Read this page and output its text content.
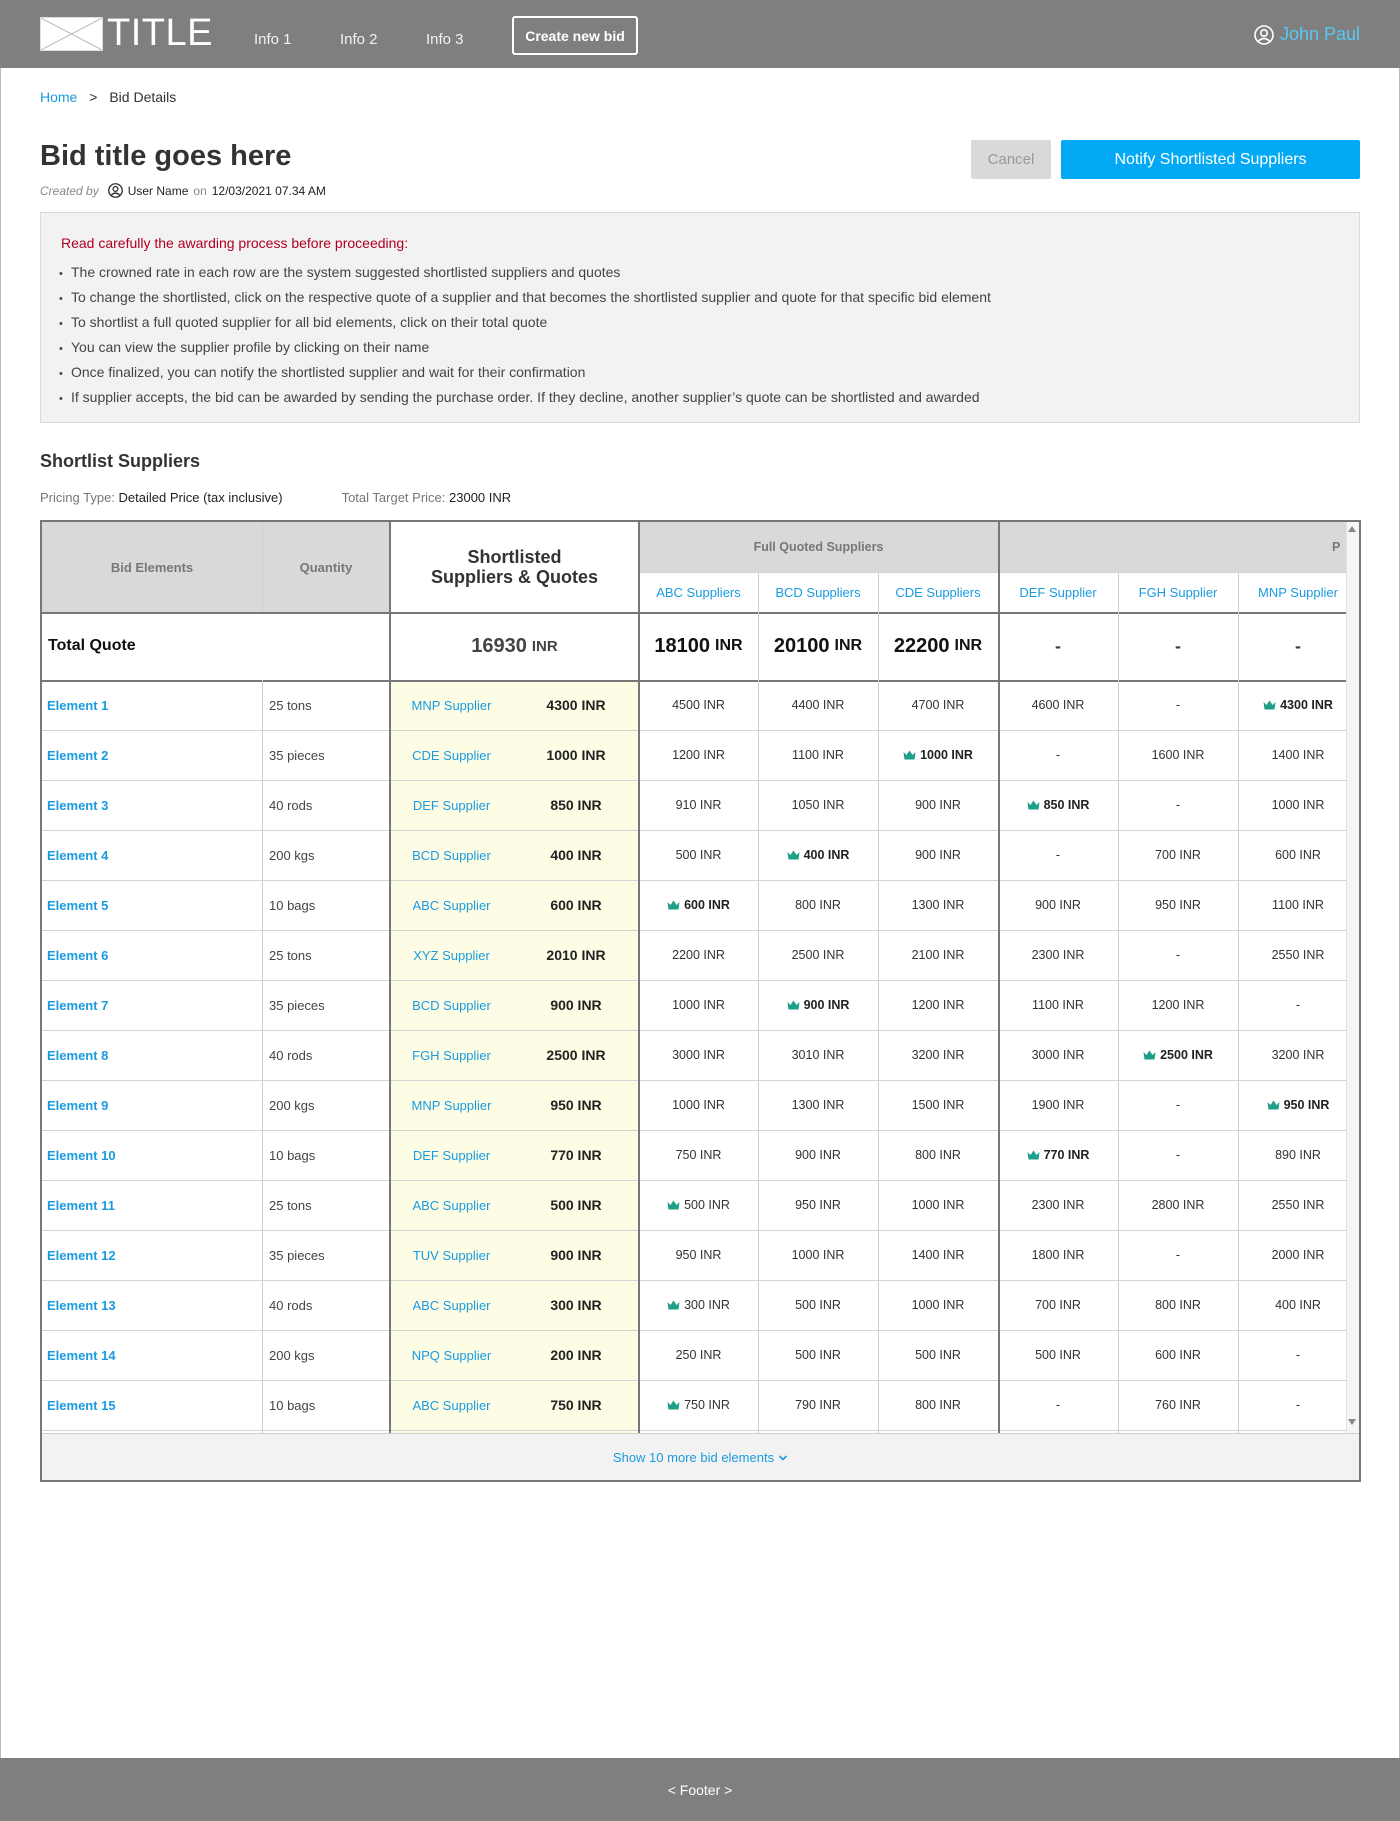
TITLE	Info 1	Info 2	Info 3	Create new bid	John Paul
Home > Bid Details
Bid title goes here
Created by User Name on 12/03/2021 07.34 AM
Cancel	Notify Shortlisted Suppliers
Read carefully the awarding process before proceeding:
• The crowned rate in each row are the system suggested shortlisted suppliers and quotes
• To change the shortlisted, click on the respective quote of a supplier and that becomes the shortlisted supplier and quote for that specific bid element
• To shortlist a full quoted supplier for all bid elements, click on their total quote
• You can view the supplier profile by clicking on their name
• Once finalized, you can notify the shortlisted supplier and wait for their confirmation
• If supplier accepts, the bid can be awarded by sending the purchase order. If they decline, another supplier’s quote can be shortlisted and awarded
Shortlist Suppliers
Pricing Type: Detailed Price (tax inclusive)	Total Target Price: 23000 INR
Bid Elements	Quantity	Shortlisted
Suppliers & Quotes
Full Quoted Suppliers	P
ABC Suppliers	BCD Suppliers	CDE Suppliers	DEF Supplier	FGH Supplier	MNP Supplier
Total Quote	16930 INR	18100 INR 20100 INR 22200 INR	-	-	-
Element 1	25 tons	MNP Supplier	4300 INR	4500 INR	4400 INR	4700 INR	4600 INR	-	4300 INR
Element 2	35 pieces	CDE Supplier	1000 INR	1200 INR	1100 INR	1000 INR	-	1600 INR	1400 INR
Element 3	40 rods	DEF Supplier	850 INR	910 INR	1050 INR	900 INR	850 INR	-	1000 INR
Element 4	200 kgs	BCD Supplier	400 INR	500 INR	400 INR	900 INR	-	700 INR	600 INR
Element 5	10 bags	ABC Supplier	600 INR	600 INR	800 INR	1300 INR	900 INR	950 INR	1100 INR
Element 6	25 tons	XYZ Supplier	2010 INR	2200 INR	2500 INR	2100 INR	2300 INR	-	2550 INR
Element 7	35 pieces	BCD Supplier	900 INR	1000 INR	900 INR	1200 INR	1100 INR	1200 INR	-
Element 8	40 rods	FGH Supplier	2500 INR	3000 INR	3010 INR	3200 INR	3000 INR	2500 INR	3200 INR
Element 9	200 kgs	MNP Supplier	950 INR	1000 INR	1300 INR	1500 INR	1900 INR	-	950 INR
Element 10	10 bags	DEF Supplier	770 INR	750 INR	900 INR	800 INR	770 INR	-	890 INR
Element 11	25 tons	ABC Supplier	500 INR	500 INR	950 INR	1000 INR	2300 INR	2800 INR	2550 INR
Element 12	35 pieces	TUV Supplier	900 INR	950 INR	1000 INR	1400 INR	1800 INR	-	2000 INR
Element 13	40 rods	ABC Supplier	300 INR	300 INR	500 INR	1000 INR	700 INR	800 INR	400 INR
Element 14	200 kgs	NPQ Supplier	200 INR	250 INR	500 INR	500 INR	500 INR	600 INR	-
Element 15	10 bags	ABC Supplier	750 INR	750 INR	790 INR	800 INR	-	760 INR	-
Show 10 more bid elements
< Footer >
